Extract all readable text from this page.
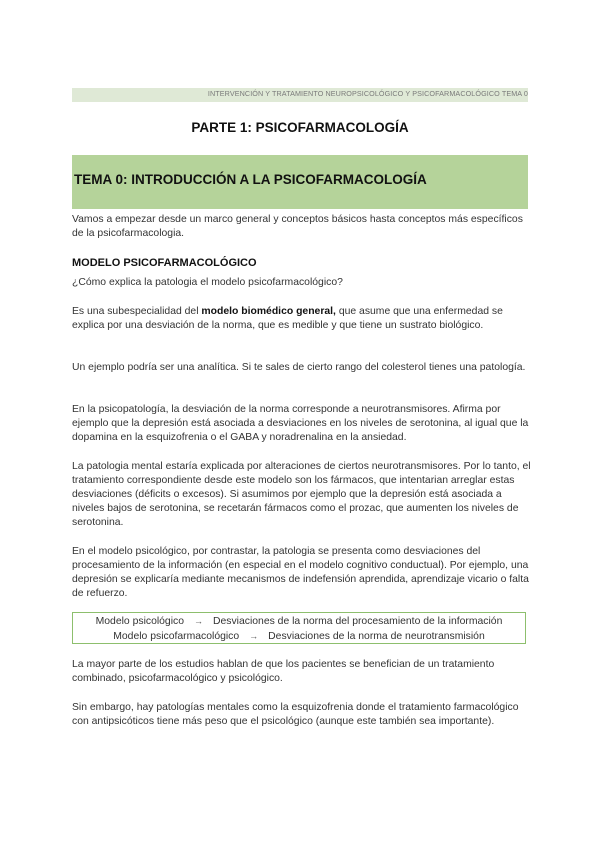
INTERVENCIÓN Y TRATAMIENTO NEUROPSICOLÓGICO Y PSICOFARMACOLÓGICO TEMA 0
PARTE 1: PSICOFARMACOLOGÍA
TEMA 0: INTRODUCCIÓN A LA PSICOFARMACOLOGÍA

Vamos a empezar desde un marco general y conceptos básicos hasta conceptos más específicos de la psicofarmacologia.

MODELO PSICOFARMACOLÓGICO

¿Cómo explica la patologia el modelo psicofarmacológico?

Es una subespecialidad del modelo biomédico general, que asume que una enfermedad se explica por una desviación de la norma, que es medible y que tiene un sustrato biológico.

Un ejemplo podría ser una analítica. Si te sales de cierto rango del colesterol tienes una patología.

En la psicopatología, la desviación de la norma corresponde a neurotransmisores. Afirma por ejemplo que la depresión está asociada a desviaciones en los niveles de serotonina, al igual que la dopamina en la esquizofrenia o el GABA y noradrenalina en la ansiedad.

La patologia mental estaría explicada por alteraciones de ciertos neurotransmisores. Por lo tanto, el tratamiento correspondiente desde este modelo son los fármacos, que intentarian arreglar estas desviaciones (déficits o excesos). Si asumimos por ejemplo que la depresión está asociada a niveles bajos de serotonina, se recetarán fármacos como el prozac, que aumenten los niveles de serotonina.

En el modelo psicológico, por contrastar, la patologia se presenta como desviaciones del procesamiento de la información (en especial en el modelo cognitivo conductual). Por ejemplo, una depresión se explicaría mediante mecanismos de indefensión aprendida, aprendizaje vicario o falta de refuerzo.

Modelo psicológico → Desviaciones de la norma del procesamiento de la información
Modelo psicofarmacológico → Desviaciones de la norma de neurotransmisión

La mayor parte de los estudios hablan de que los pacientes se benefician de un tratamiento combinado, psicofarmacológico y psicológico.

Sin embargo, hay patologías mentales como la esquizofrenia donde el tratamiento farmacológico con antipsicóticos tiene más peso que el psicológico (aunque este también sea importante).
